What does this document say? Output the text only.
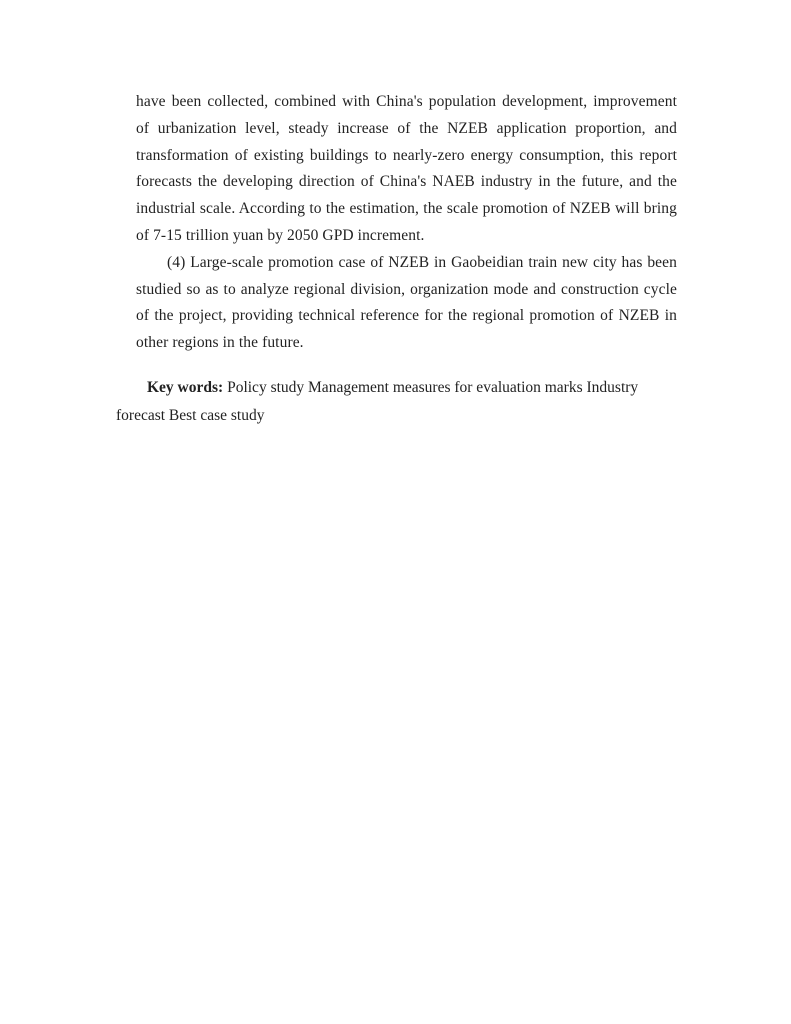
have been collected, combined with China's population development, improvement of urbanization level, steady increase of the NZEB application proportion, and transformation of existing buildings to nearly-zero energy consumption, this report forecasts the developing direction of China's NAEB industry in the future, and the industrial scale. According to the estimation, the scale promotion of NZEB will bring of 7-15 trillion yuan by 2050 GPD increment.

(4) Large-scale promotion case of NZEB in Gaobeidian train new city has been studied so as to analyze regional division, organization mode and construction cycle of the project, providing technical reference for the regional promotion of NZEB in other regions in the future.

Key words: Policy study Management measures for evaluation marks Industry forecast Best case study
